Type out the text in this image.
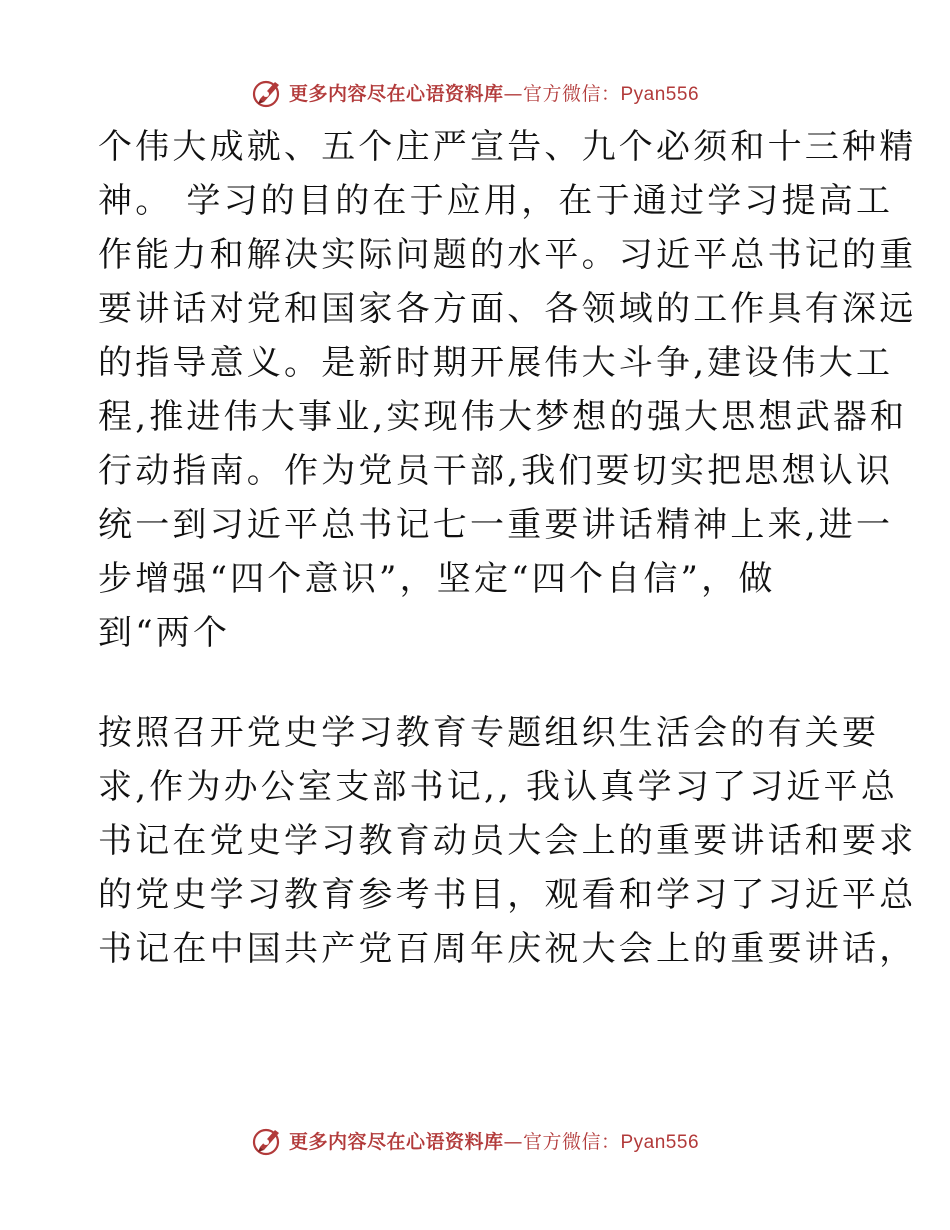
更多内容尽在心语资料库—官方微信：Pyan556
个伟大成就、五个庄严宣告、九个必须和十三种精
神。 学习的目的在于应用，在于通过学习提高工
作能力和解决实际问题的水平。习近平总书记的重
要讲话对党和国家各方面、各领域的工作具有深远
的指导意义。是新时期开展伟大斗争,建设伟大工
程,推进伟大事业,实现伟大梦想的强大思想武器和
行动指南。作为党员干部,我们要切实把思想认识
统一到习近平总书记七一重要讲话精神上来,进一
步增强“四个意识”，坚定“四个自信”，做
到“两个
按照召开党史学习教育专题组织生活会的有关要
求,作为办公室支部书记,, 我认真学习了习近平总
书记在党史学习教育动员大会上的重要讲话和要求
的党史学习教育参考书目，观看和学习了习近平总
书记在中国共产党百周年庆祝大会上的重要讲话，
更多内容尽在心语资料库—官方微信：Pyan556
